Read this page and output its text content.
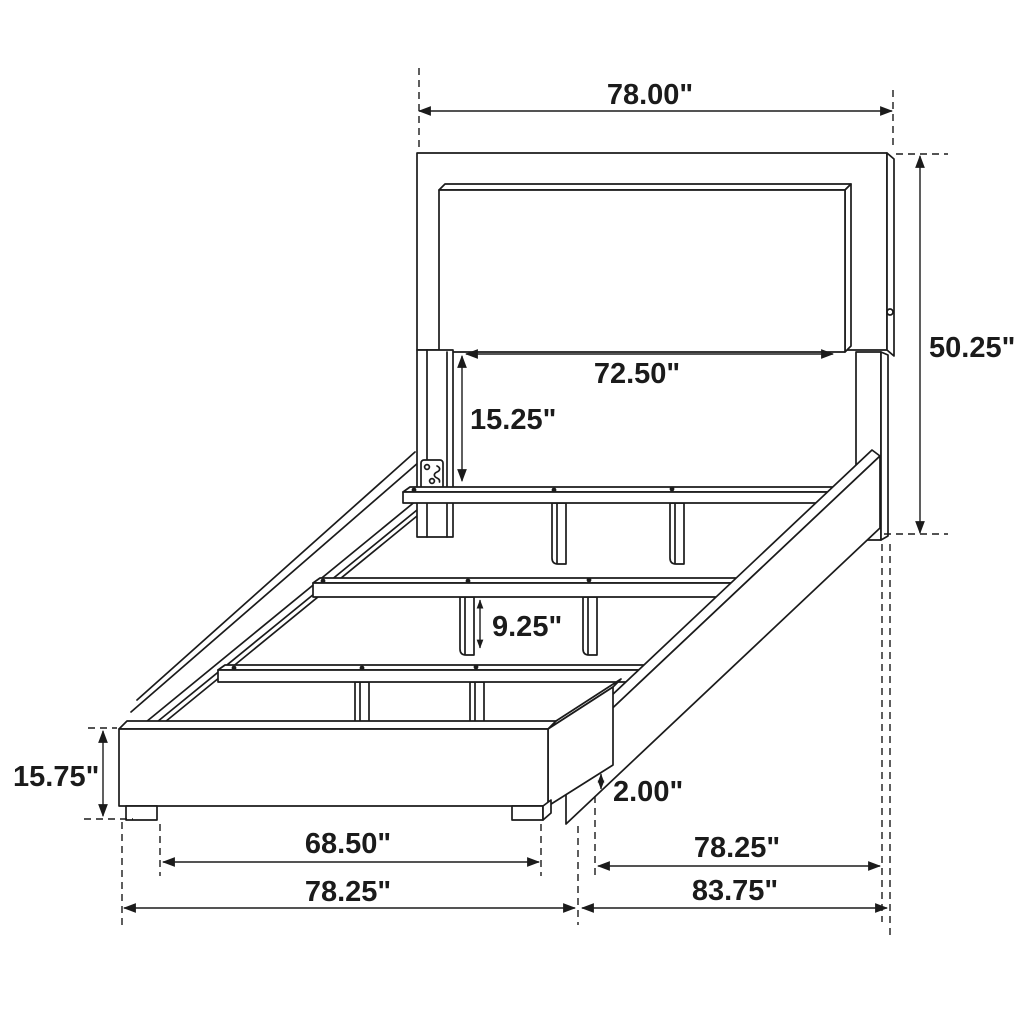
78.00"
50.25"
72.50"
15.25"
9.25"
2.00"
15.75"
68.50"
78.25"
78.25"
83.75"
